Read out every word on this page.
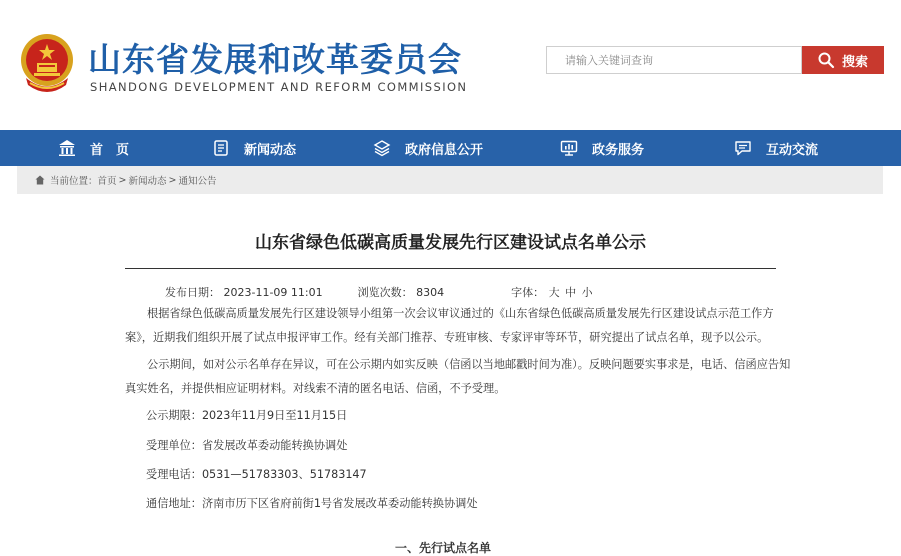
山东省发展和改革委员会
SHANDONG DEVELOPMENT AND REFORM COMMISSION
请输入关键词查询
搜索
首　页	新闻动态	政府信息公开	政务服务	互动交流
当前位置： 首页 > 新闻动态 > 通知公告
山东省绿色低碳高质量发展先行区建设试点名单公示
发布日期： 2023-11-09 11:01	浏览次数： 8304	字体： 大 中 小
根据省绿色低碳高质量发展先行区建设领导小组第一次会议审议通过的《山东省绿色低碳高质量发展先行区建设试点示范工作方
案》，近期我们组织开展了试点申报评审工作。经有关部门推荐、专班审核、专家评审等环节，研究提出了试点名单，现予以公示。
公示期间，如对公示名单存在异议，可在公示期内如实反映（信函以当地邮戳时间为准）。反映问题要实事求是，电话、信函应告知
真实姓名，并提供相应证明材料。对线索不清的匿名电话、信函，不予受理。
公示期限：2023年11月9日至11月15日
受理单位：省发展改革委动能转换协调处
受理电话：0531—51783303、51783147
通信地址：济南市历下区省府前街1号省发展改革委动能转换协调处
一、先行试点名单
